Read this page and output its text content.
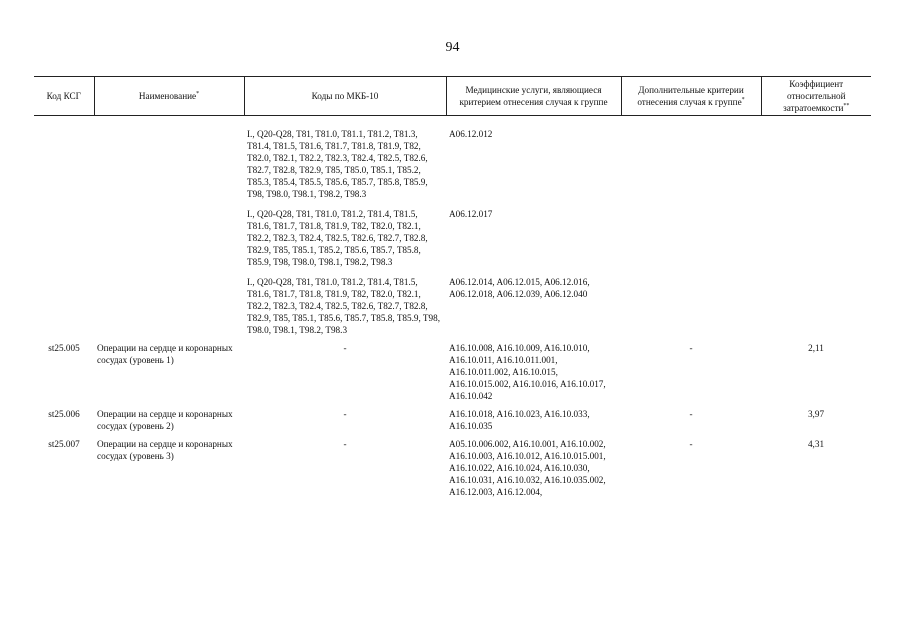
94
Код КСГ	Наименование*	Коды по МКБ-10	Медицинские услуги, являющиеся критерием отнесения случая к группе	Дополнительные критерии отнесения случая к группе*	Коэффициент относительной затратоемкости**
		I., Q20-Q28, T81, T81.0, T81.1, T81.2, T81.3, T81.4, T81.5, T81.6, T81.7, T81.8, T81.9, T82, T82.0, T82.1, T82.2, T82.3, T82.4, T82.5, T82.6, T82.7, T82.8, T82.9, T85, T85.0, T85.1, T85.2, T85.3, T85.4, T85.5, T85.6, T85.7, T85.8, T85.9, T98, T98.0, T98.1, T98.2, T98.3	A06.12.012		
		I., Q20-Q28, T81, T81.0, T81.2, T81.4, T81.5, T81.6, T81.7, T81.8, T81.9, T82, T82.0, T82.1, T82.2, T82.3, T82.4, T82.5, T82.6, T82.7, T82.8, T82.9, T85, T85.1, T85.2, T85.6, T85.7, T85.8, T85.9, T98, T98.0, T98.1, T98.2, T98.3	A06.12.017		
		I., Q20-Q28, T81, T81.0, T81.2, T81.4, T81.5, T81.6, T81.7, T81.8, T81.9, T82, T82.0, T82.1, T82.2, T82.3, T82.4, T82.5, T82.6, T82.7, T82.8, T82.9, T85, T85.1, T85.6, T85.7, T85.8, T85.9, T98, T98.0, T98.1, T98.2, T98.3	A06.12.014, A06.12.015, A06.12.016, A06.12.018, A06.12.039, A06.12.040		
st25.005	Операции на сердце и коронарных сосудах (уровень 1)	-	A16.10.008, A16.10.009, A16.10.010, A16.10.011, A16.10.011.001, A16.10.011.002, A16.10.015, A16.10.015.002, A16.10.016, A16.10.017, A16.10.042	-	2,11
st25.006	Операции на сердце и коронарных сосудах (уровень 2)	-	A16.10.018, A16.10.023, A16.10.033, A16.10.035	-	3,97
st25.007	Операции на сердце и коронарных сосудах (уровень 3)	-	A05.10.006.002, A16.10.001, A16.10.002, A16.10.003, A16.10.012, A16.10.015.001, A16.10.022, A16.10.024, A16.10.030, A16.10.031, A16.10.032, A16.10.035.002, A16.12.003, A16.12.004,	-	4,31
